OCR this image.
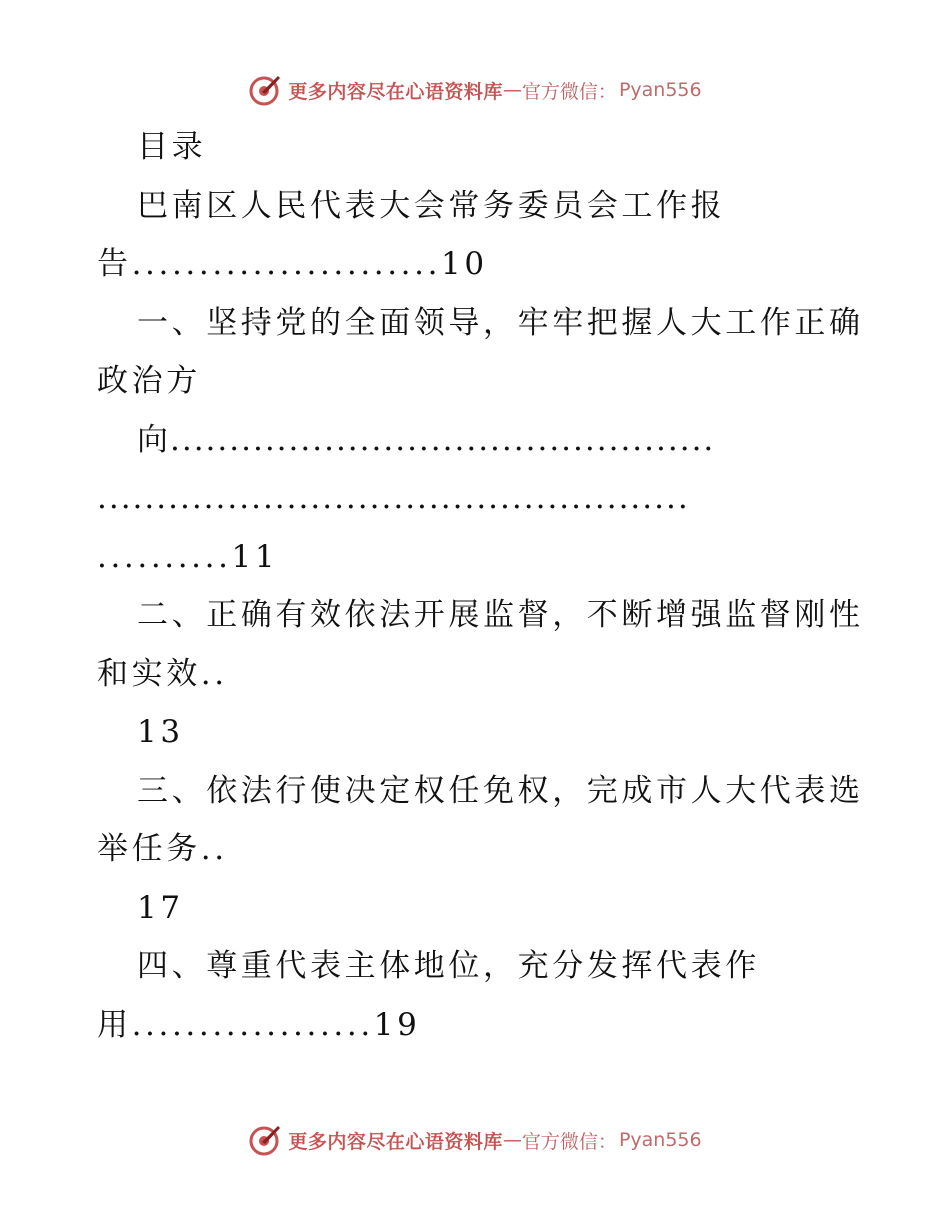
更多内容尽在心语资料库 — 官方微信： Pyan556
目录
巴南区人民代表大会常务委员会工作报
告.......................10
一、坚持党的全面领导，牢牢把握人大工作正确
政治方
向..............................................
..................................................
..........11
二、正确有效依法开展监督，不断增强监督刚性
和实效..
13
三、依法行使决定权任免权，完成市人大代表选
举任务..
17
四、尊重代表主体地位，充分发挥代表作
用..................19
更多内容尽在心语资料库 — 官方微信： Pyan556
